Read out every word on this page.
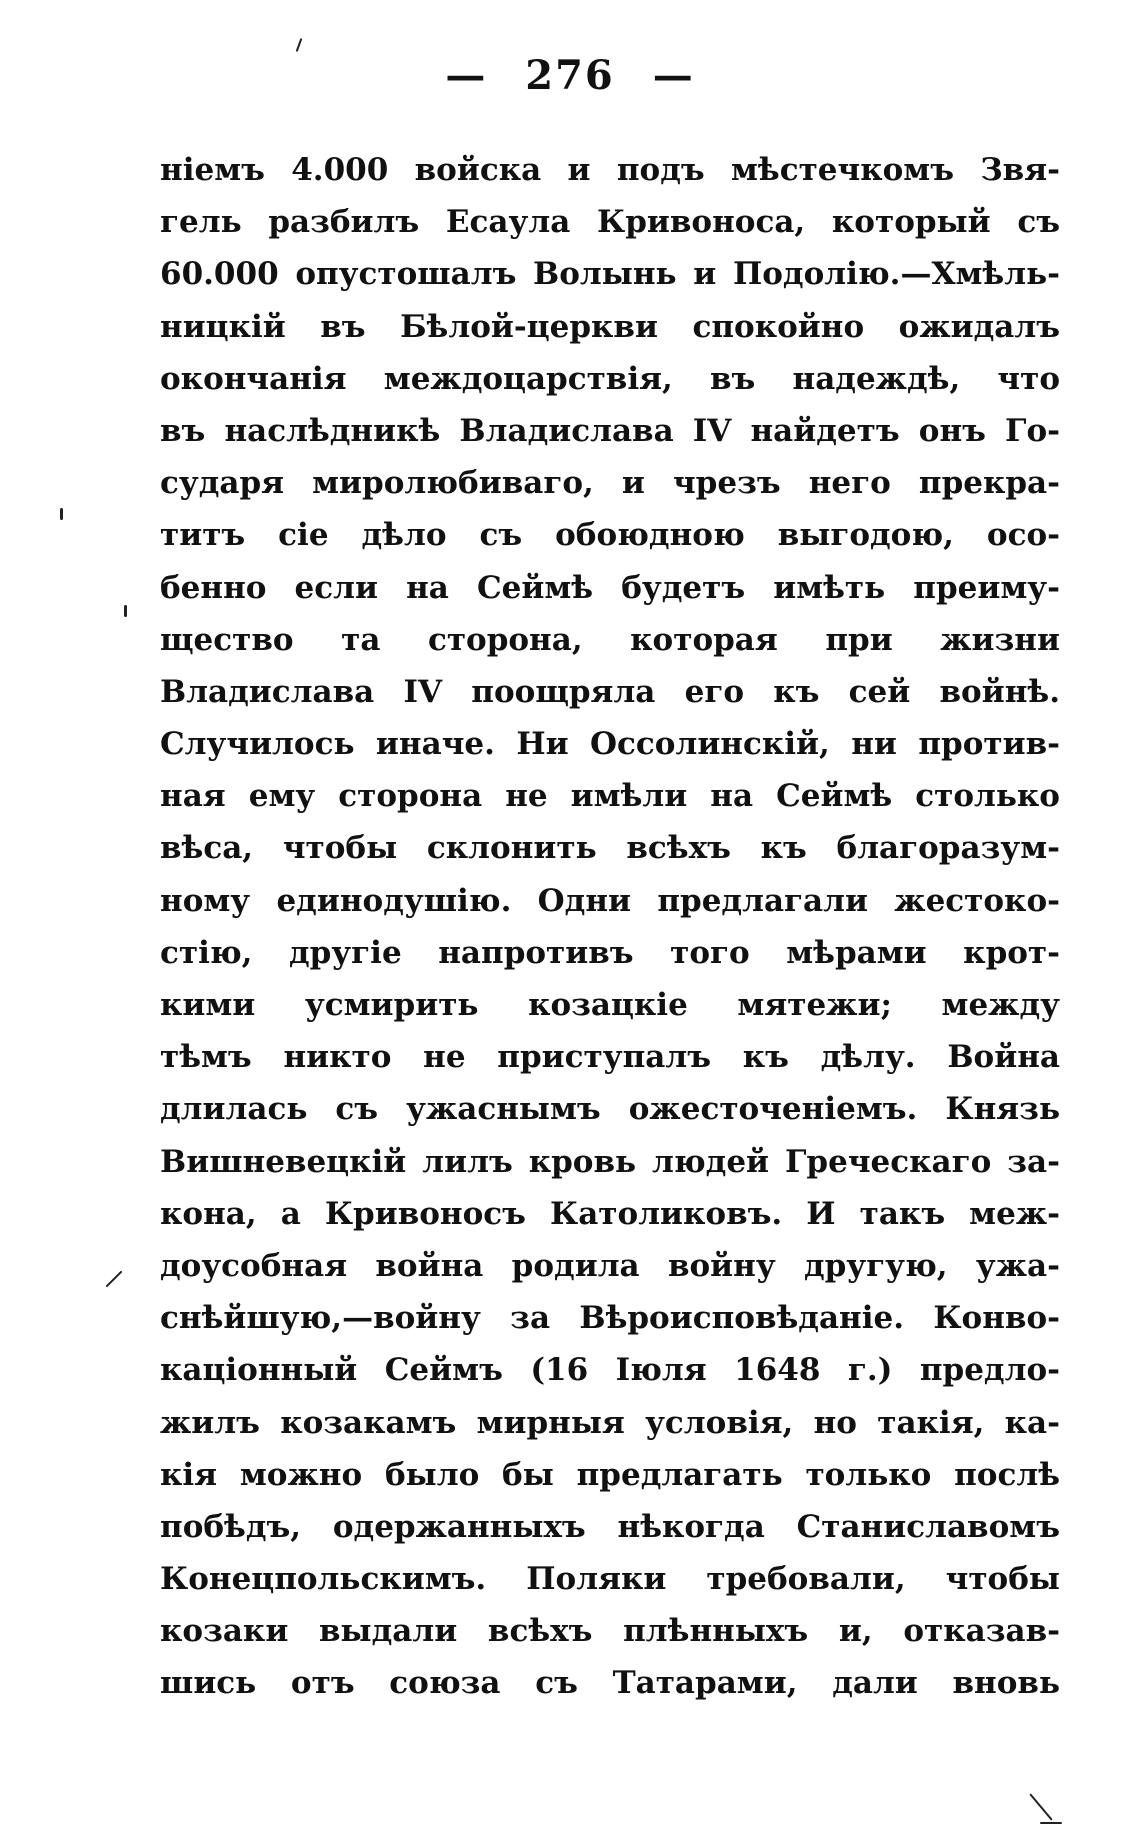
— 276 —
ніемъ 4.000 войска и подъ мѣстечкомъ Звя-
гель разбилъ Есаула Кривоноса, который съ
60.000 опустошалъ Волынь и Подолію.—Хмѣль-
ницкій въ Бѣлой-церкви спокойно ожидалъ
окончанія междоцарствія, въ надеждѣ, что
въ наслѣдникѣ Владислава IV найдетъ онъ Го-
сударя миролюбиваго, и чрезъ него прекра-
титъ сіе дѣло съ обоюдною выгодою, осо-
бенно если на Сеймѣ будетъ имѣть преиму-
щество та сторона, которая при жизни
Владислава IV поощряла его къ сей войнѣ.
Случилось иначе. Ни Оссолинскій, ни против-
ная ему сторона не имѣли на Сеймѣ столько
вѣса, чтобы склонить всѣхъ къ благоразум-
ному единодушію. Одни предлагали жестоко-
стію, другіе напротивъ того мѣрами крот-
кими усмирить козацкіе мятежи; между
тѣмъ никто не приступалъ къ дѣлу. Война
длилась съ ужаснымъ ожесточеніемъ. Князь
Вишневецкій лилъ кровь людей Греческаго за-
кона, а Кривоносъ Католиковъ. И такъ меж-
доусобная война родила войну другую, ужа-
снѣйшую,—войну за Вѣроисповѣданіе. Конво-
каціонный Сеймъ (16 Іюля 1648 г.) предло-
жилъ козакамъ мирныя условія, но такія, ка-
кія можно было бы предлагать только послѣ
побѣдъ, одержанныхъ нѣкогда Станиславомъ
Конецпольскимъ. Поляки требовали, чтобы
козаки выдали всѣхъ плѣнныхъ и, отказав-
шись отъ союза съ Татарами, дали вновь
